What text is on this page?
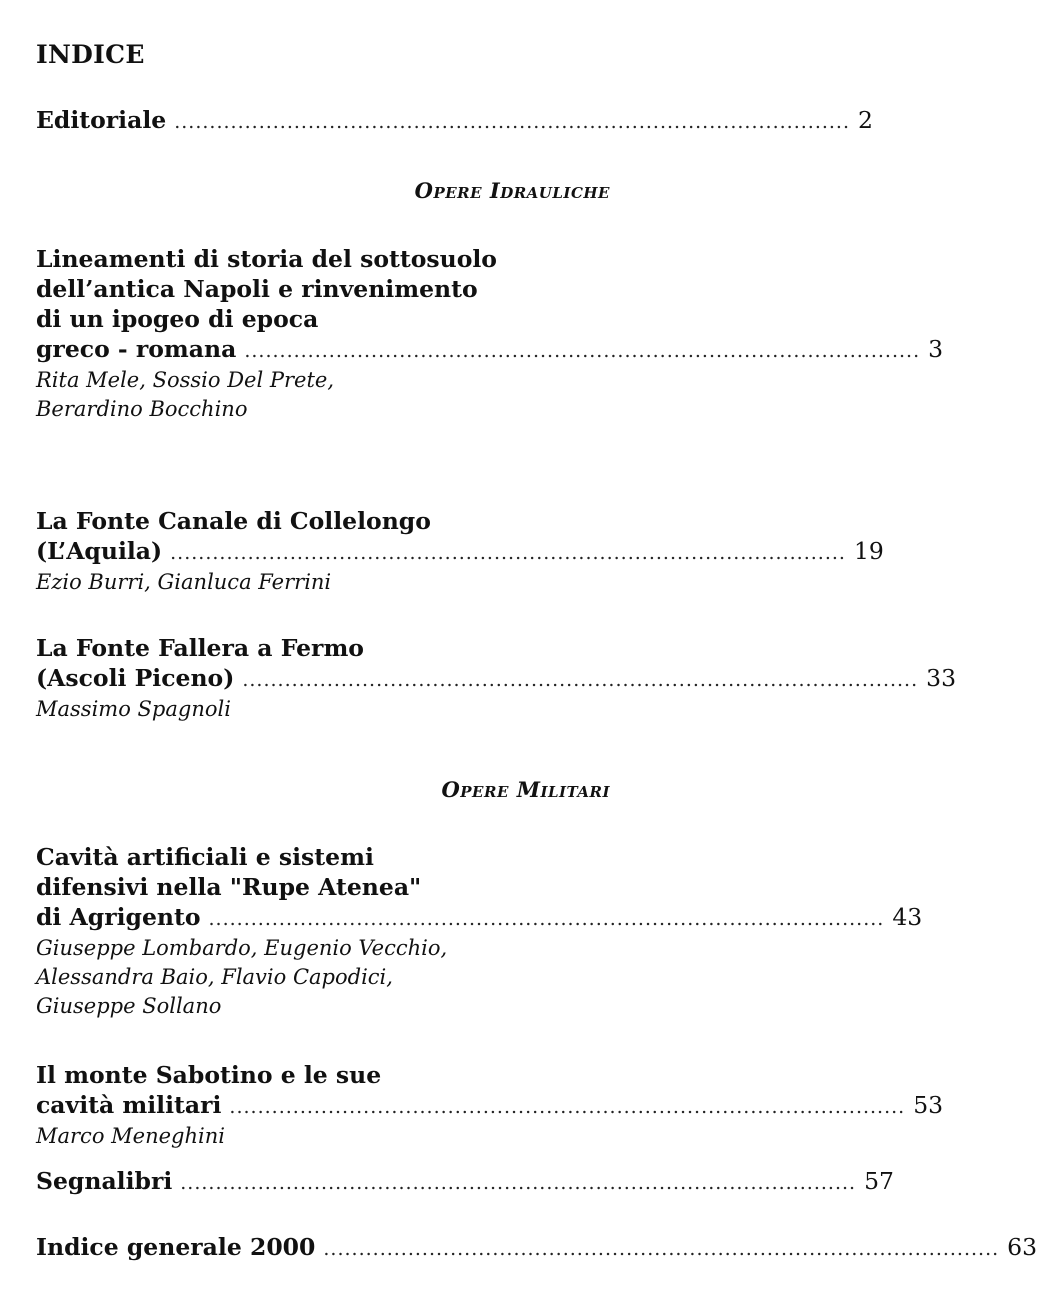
INDICE
Editoriale ................................................................................................ 2
Opere Idrauliche
Lineamenti di storia del sottosuolo
dell’antica Napoli e rinvenimento
di un ipogeo di epoca
greco - romana ................................................................................................ 3
Rita Mele, Sossio Del Prete,
Berardino Bocchino
La Fonte Canale di Collelongo
(L’Aquila) ................................................................................................ 19
Ezio Burri, Gianluca Ferrini
La Fonte Fallera a Fermo
(Ascoli Piceno) ................................................................................................ 33
Massimo Spagnoli
Opere Militari
Cavità artificiali e sistemi
difensivi nella "Rupe Atenea"
di Agrigento ................................................................................................ 43
Giuseppe Lombardo, Eugenio Vecchio,
Alessandra Baio, Flavio Capodici,
Giuseppe Sollano
Il monte Sabotino e le sue
cavità militari ................................................................................................ 53
Marco Meneghini
Segnalibri ................................................................................................ 57
Indice generale 2000 ................................................................................................ 63
